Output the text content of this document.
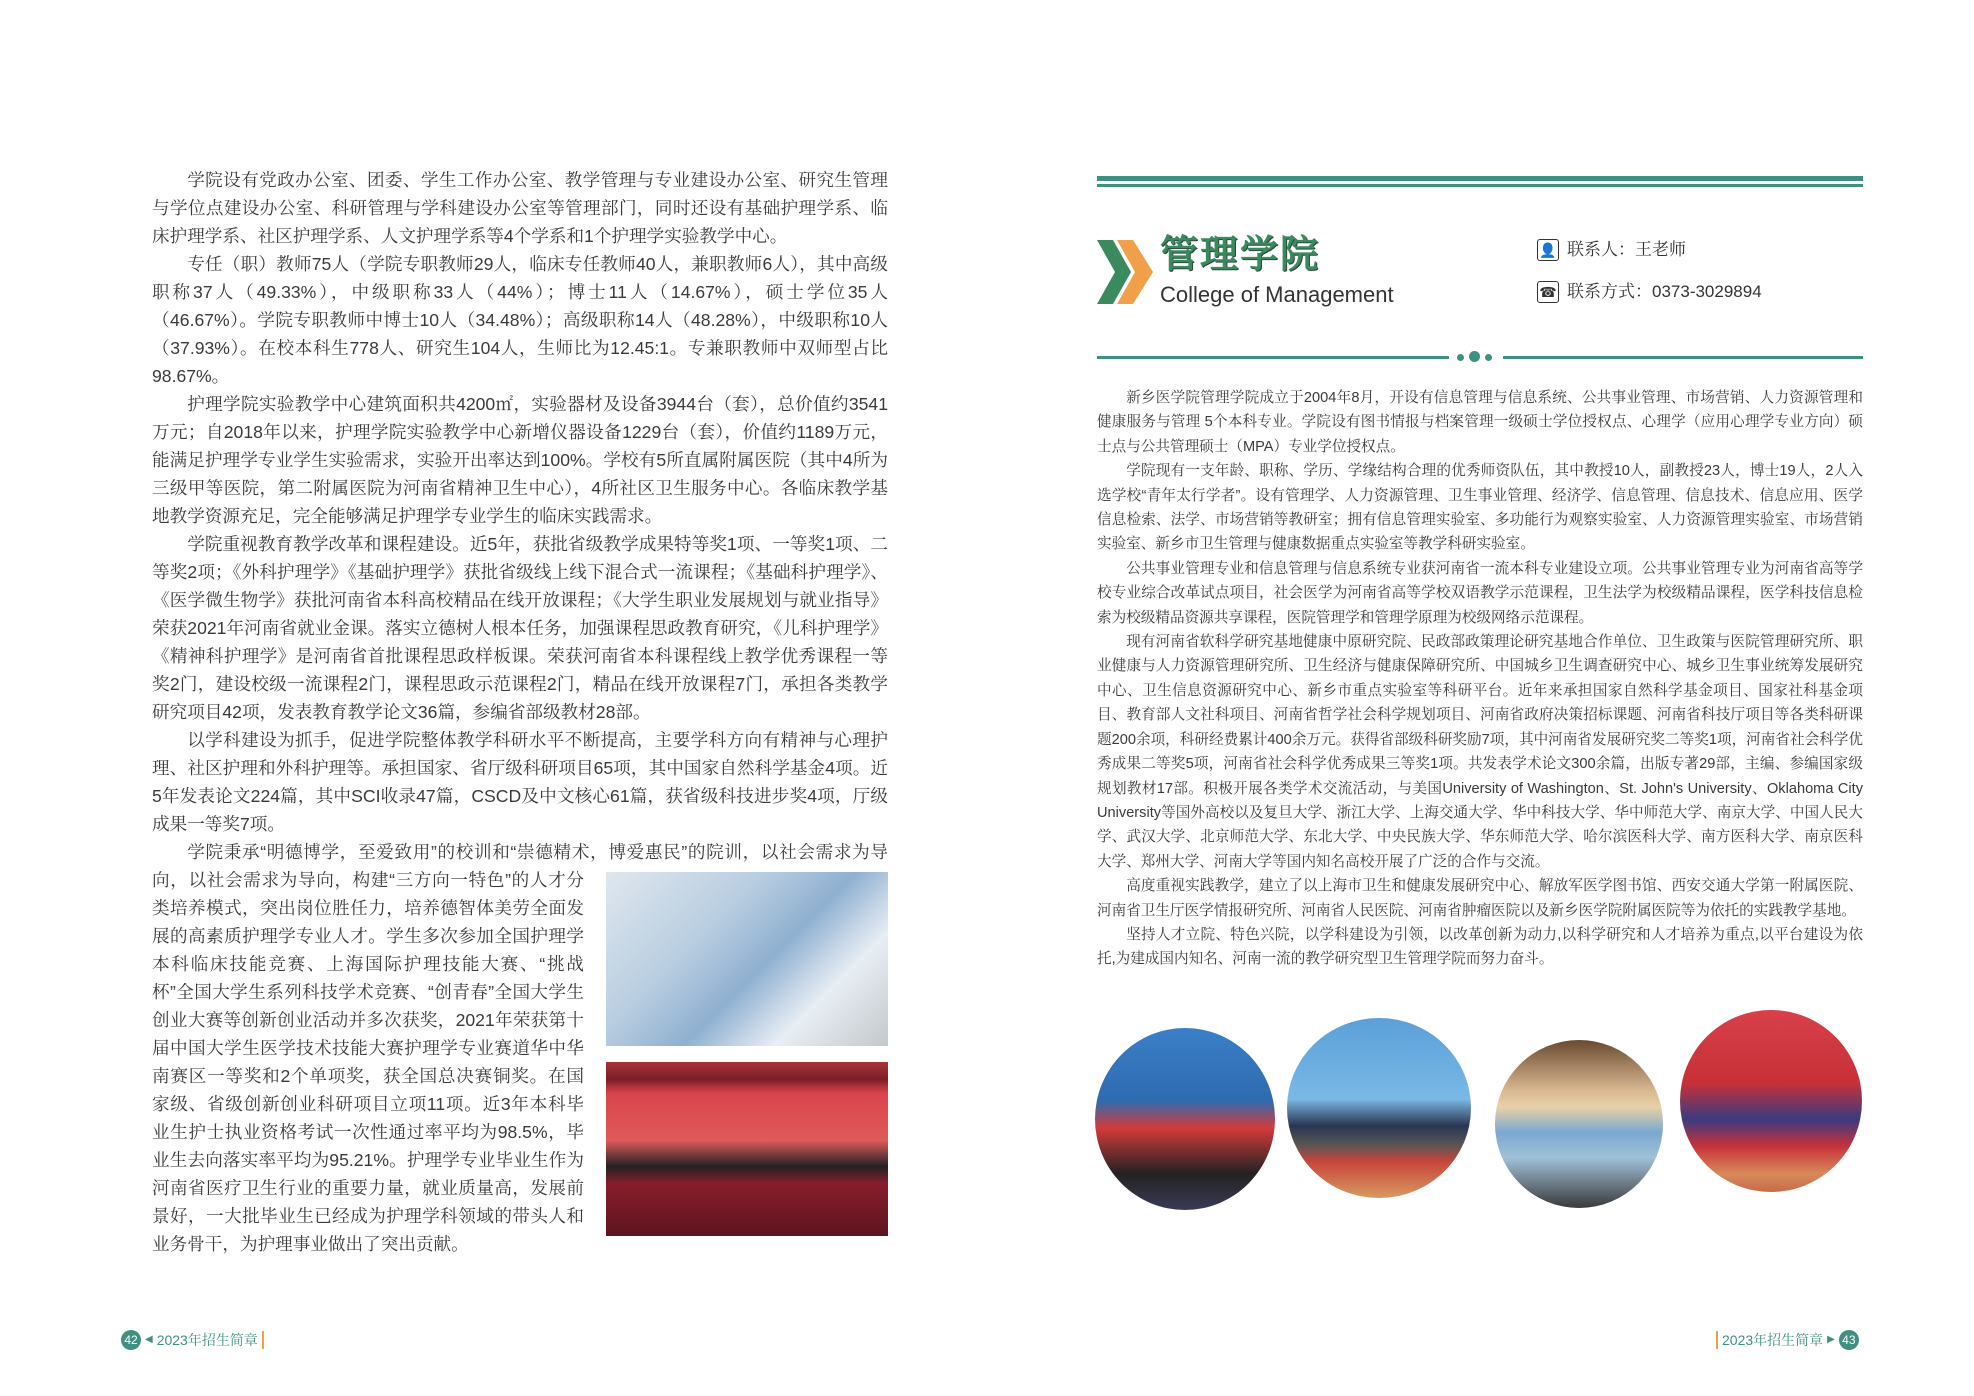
学院设有党政办公室、团委、学生工作办公室、教学管理与专业建设办公室、研究生管理与学位点建设办公室、科研管理与学科建设办公室等管理部门，同时还设有基础护理学系、临床护理学系、社区护理学系、人文护理学系等4个学系和1个护理学实验教学中心。

专任（职）教师75人（学院专职教师29人，临床专任教师40人，兼职教师6人），其中高级职称37人（49.33%），中级职称33人（44%）；博士11人（14.67%），硕士学位35人（46.67%）。学院专职教师中博士10人（34.48%）；高级职称14人（48.28%），中级职称10人（37.93%）。在校本科生778人、研究生104人，生师比为12.45:1。专兼职教师中双师型占比98.67%。

护理学院实验教学中心建筑面积共4200㎡，实验器材及设备3944台（套），总价值约3541万元；自2018年以来，护理学院实验教学中心新增仪器设备1229台（套），价值约1189万元，能满足护理学专业学生实验需求，实验开出率达到100%。学校有5所直属附属医院（其中4所为三级甲等医院，第二附属医院为河南省精神卫生中心），4所社区卫生服务中心。各临床教学基地教学资源充足，完全能够满足护理学专业学生的临床实践需求。

学院重视教育教学改革和课程建设。近5年，获批省级教学成果特等奖1项、一等奖1项、二等奖2项；《外科护理学》《基础护理学》获批省级线上线下混合式一流课程；《基础科护理学》、《医学微生物学》获批河南省本科高校精品在线开放课程；《大学生职业发展规划与就业指导》荣获2021年河南省就业金课。落实立德树人根本任务，加强课程思政教育研究，《儿科护理学》《精神科护理学》是河南省首批课程思政样板课。荣获河南省本科课程线上教学优秀课程一等奖2门，建设校级一流课程2门，课程思政示范课程2门，精品在线开放课程7门，承担各类教学研究项目42项，发表教育教学论文36篇，参编省部级教材28部。

以学科建设为抓手，促进学院整体教学科研水平不断提高，主要学科方向有精神与心理护理、社区护理和外科护理等。承担国家、省厅级科研项目65项，其中国家自然科学基金4项。近5年发表论文224篇，其中SCI收录47篇，CSCD及中文核心61篇，获省级科技进步奖4项，厅级成果一等奖7项。

学院秉承“明德博学，至爱致用”的校训和“崇德精术，博爱惠民”的院训，以社会需求为导向，以社会需求为导向，构建“三方向一特色”的人才分类培养模式，突出岗位胜任力，培养德智体美劳全面发展的高素质护理学专业人才。学生多次参加全国护理学本科临床技能竞赛、上海国际护理技能大赛、“挑战杯”全国大学生系列科技学术竞赛、“创青春”全国大学生创业大赛等创新创业活动并多次获奖，2021年荣获第十届中国大学生医学技术技能大赛护理学专业赛道华中华南赛区一等奖和2个单项奖，获全国总决赛铜奖。在国家级、省级创新创业科研项目立项11项。近3年本科毕业生护士执业资格考试一次性通过率平均为98.5%，毕业生去向落实率平均为95.21%。护理学专业毕业生作为河南省医疗卫生行业的重要力量，就业质量高，发展前景好，一大批毕业生已经成为护理学科领域的带头人和业务骨干，为护理事业做出了突出贡献。

42 ◀ 2023年招生简章
管理学院
College of Management
👤 联系人：王老师
☎ 联系方式：0373-3029894

新乡医学院管理学院成立于2004年8月，开设有信息管理与信息系统、公共事业管理、市场营销、人力资源管理和健康服务与管理 5个本科专业。学院设有图书情报与档案管理一级硕士学位授权点、心理学（应用心理学专业方向）硕士点与公共管理硕士（MPA）专业学位授权点。

学院现有一支年龄、职称、学历、学缘结构合理的优秀师资队伍，其中教授10人，副教授23人，博士19人，2人入选学校“青年太行学者”。设有管理学、人力资源管理、卫生事业管理、经济学、信息管理、信息技术、信息应用、医学信息检索、法学、市场营销等教研室；拥有信息管理实验室、多功能行为观察实验室、人力资源管理实验室、市场营销实验室、新乡市卫生管理与健康数据重点实验室等教学科研实验室。

公共事业管理专业和信息管理与信息系统专业获河南省一流本科专业建设立项。公共事业管理专业为河南省高等学校专业综合改革试点项目，社会医学为河南省高等学校双语教学示范课程，卫生法学为校级精品课程，医学科技信息检索为校级精品资源共享课程，医院管理学和管理学原理为校级网络示范课程。

现有河南省软科学研究基地健康中原研究院、民政部政策理论研究基地合作单位、卫生政策与医院管理研究所、职业健康与人力资源管理研究所、卫生经济与健康保障研究所、中国城乡卫生调查研究中心、城乡卫生事业统筹发展研究中心、卫生信息资源研究中心、新乡市重点实验室等科研平台。近年来承担国家自然科学基金项目、国家社科基金项目、教育部人文社科项目、河南省哲学社会科学规划项目、河南省政府决策招标课题、河南省科技厅项目等各类科研课题200余项，科研经费累计400余万元。获得省部级科研奖励7项，其中河南省发展研究奖二等奖1项，河南省社会科学优秀成果二等奖5项，河南省社会科学优秀成果三等奖1项。共发表学术论文300余篇，出版专著29部，主编、参编国家级规划教材17部。积极开展各类学术交流活动，与美国University of Washington、St. John's University、Oklahoma City University等国外高校以及复旦大学、浙江大学、上海交通大学、华中科技大学、华中师范大学、南京大学、中国人民大学、武汉大学、北京师范大学、东北大学、中央民族大学、华东师范大学、哈尔滨医科大学、南方医科大学、南京医科大学、郑州大学、河南大学等国内知名高校开展了广泛的合作与交流。

高度重视实践教学，建立了以上海市卫生和健康发展研究中心、解放军医学图书馆、西安交通大学第一附属医院、河南省卫生厅医学情报研究所、河南省人民医院、河南省肿瘤医院以及新乡医学院附属医院等为依托的实践教学基地。

坚持人才立院、特色兴院，以学科建设为引领，以改革创新为动力,以科学研究和人才培养为重点,以平台建设为依托,为建成国内知名、河南一流的教学研究型卫生管理学院而努力奋斗。

2023年招生简章 ▶ 43
